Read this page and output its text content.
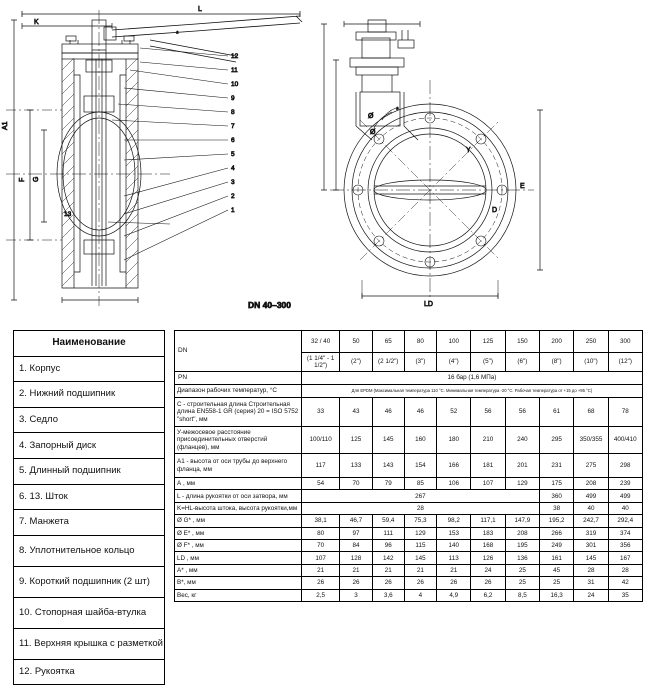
L
K
A1
F G
12
11
10
9
8
7
6
5
4
3
2
1
13
*
DN 40–300
Ø
*
Ø
Y
D
E
LD
Наименование
1. Корпус
2. Нижний подшипник
3. Седло
4. Запорный диск
5. Длинный подшипник
6. 13. Шток
7. Манжета
8. Уплотнительное кольцо
9. Короткий подшипник (2 шт)
10. Стопорная шайба-втулка
11. Верхняя крышка с разметкой
12. Рукоятка
DN	32 / 40	50	65	80	100	125	150	200	250	300
	(1 1/4" - 1 1/2")	(2")	(2 1/2")	(3")	(4")	(5")	(6")	(8")	(10")	(12")
PN	16 бар (1,6 МПа)									
Диапазон рабочих температур, °C	Для EPDM (Максимальная температура 110 °C. Минимальная температура -20 °C. Рабочая температура от +15 до +95 °C)									
C - строительная длина Строительная длина EN558-1 GR (серия) 20 = ISO 5752 "short", мм	33	43	46	46	52	56	56	61	68	78
У-межосевое расстояние присоединительных отверстий (фланцев), мм	100/110	125	145	160	180	210	240	295	350/355	400/410
А1 - высота от оси трубы до верхнего фланца, мм	117	133	143	154	166	181	201	231	275	298
А , мм	54	70	79	85	106	107	129	175	208	239
L - длина рукоятки от оси затвора, мм	267							360	499	499
K=HL-высота штока, высота рукоятки,мм	28							38	40	40
Ø G* , мм	38,1	46,7	59,4	75,3	98,2	117,1	147,9	195,2	242,7	292,4
Ø E* , мм	80	97	111	129	153	183	208	266	319	374
Ø F* , мм	70	84	96	115	140	168	195	249	301	356
LD , мм	107	128	142	145	113	126	136	161	145	167
А* , мм	21	21	21	21	21	24	25	45	28	28
В*, мм	26	26	26	26	26	26	25	25	31	42
Вес, кг	2,5	3	3,6	4	4,9	6,2	8,5	16,3	24	35
